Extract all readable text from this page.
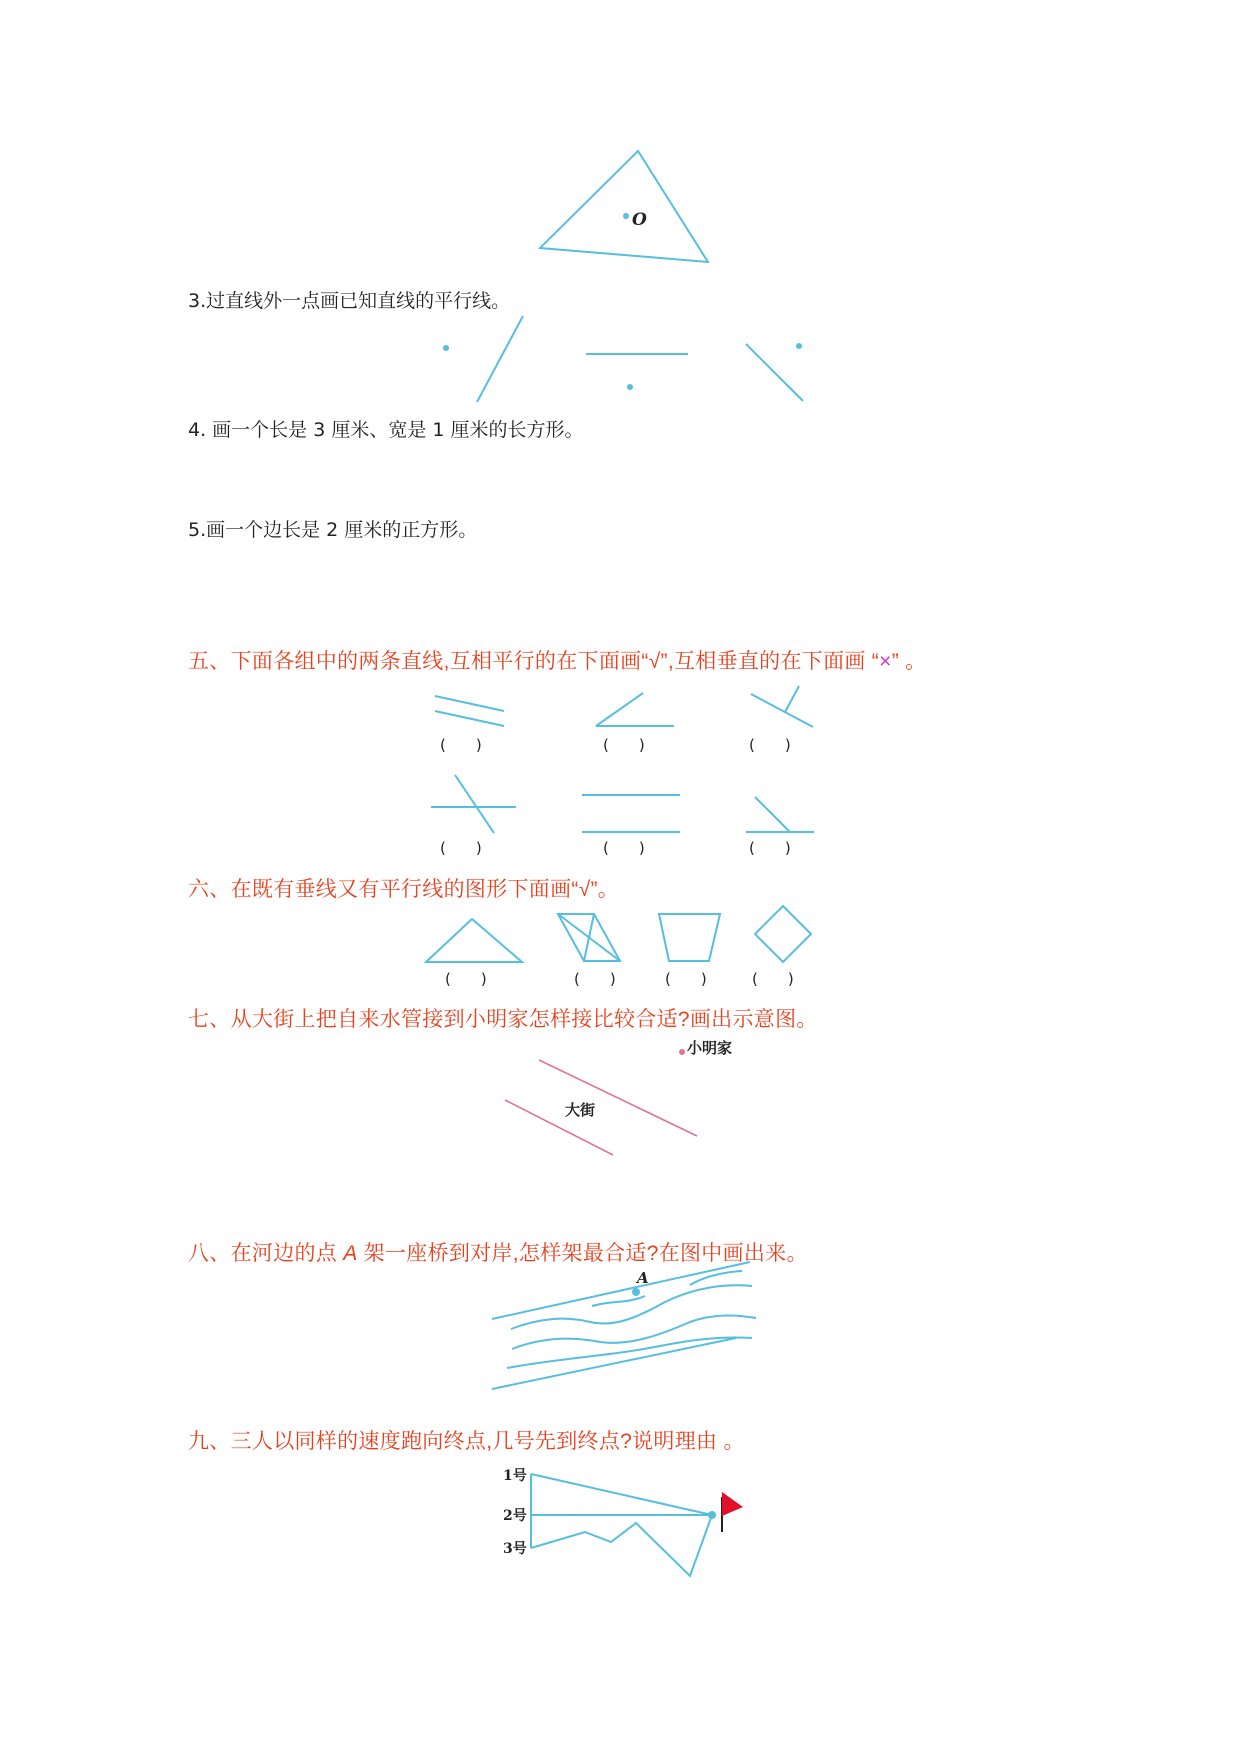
3.过直线外一点画已知直线的平行线。
4. 画一个长是 3 厘米、宽是 1 厘米的长方形。
5.画一个边长是 2 厘米的正方形。
五、下面各组中的两条直线,互相平行的在下面画“√”,互相垂直的在下面画 “×” 。
六、在既有垂线又有平行线的图形下面画“√”。
七、从大街上把自来水管接到小明家怎样接比较合适?画出示意图。
八、在河边的点 A 架一座桥到对岸,怎样架最合适?在图中画出来。
九、三人以同样的速度跑向终点,几号先到终点?说明理由 。
O
(　　)	(　　)	(　　)
(　　)	(　　)	(　　)
(　　)	(　　)	(　　)	(　　)
小明家
大街
A
1号
2号
3号
